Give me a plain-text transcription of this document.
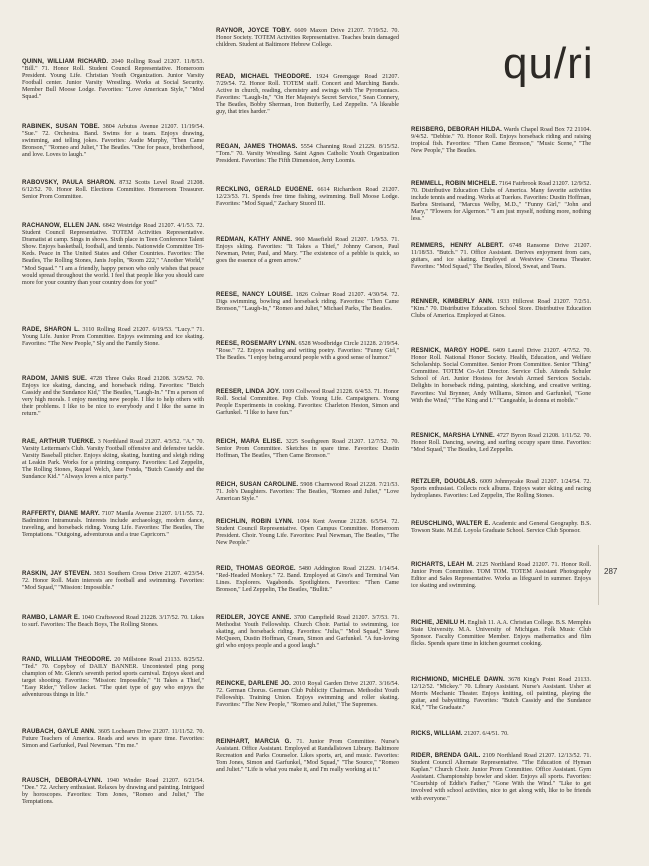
qu/ri
287

QUINN, WILLIAM RICHARD. 2040 Rolling Road 21207. 11/8/53. "Bill." 71. Honor Roll. Student Council Representative. Homeroom President. Young Life. Christian Youth Organization. Junior Varsity Football center. Junior Varsity Wrestling. Works at Social Security. Member Bull Moose Lodge. Favorites: "Love American Style," "Mod Squad."

RABINEK, SUSAN TOBE. 3804 Arbutus Avenue 21207. 11/19/54. "Sue." 72. Orchestra. Band. Swims for a team. Enjoys drawing, swimming, and telling jokes. Favorites: Audie Murphy, "Then Came Bronson," "Romeo and Juliet," The Beatles. "One for peace, brotherhood, and love. Loves to laugh."

RABOVSKY, PAULA SHARON. 8732 Scotts Level Road 21208. 6/12/52. 70. Honor Roll. Elections Committee. Homeroom Treasurer. Senior Prom Committee.

RACHANOW, ELLEN JAN. 6842 Westridge Road 21207. 4/1/53. 72. Student Council Representative. TOTEM Activities Representative. Dramatist at camp. Sings in shows. Sixth place in Teen Conference Talent Show. Enjoys basketball, football, and tennis. Nationwide Committee Tri-Keds. Peace in The United States and Other Countries. Favorites: The Beatles, The Rolling Stones, Janis Joplin, "Room 222," "Another World," "Mod Squad." "I am a friendly, happy person who only wishes that peace would spread throughout the world. I feel that people like you should care more for your country than your country does for you!"

RADE, SHARON L. 3110 Rolling Road 21207. 6/19/53. "Lucy." 71. Young Life. Junior Prom Committee. Enjoys swimming and ice skating. Favorites: "The New People," Sly and the Family Stone.

RADOM, JANIS SUE. 4728 Three Oaks Road 21208. 3/29/52. 70. Enjoys ice skating, dancing, and horseback riding. Favorites: "Butch Cassidy and the Sundance Kid," The Beatles, "Laugh-In." "I'm a person of very high morals. I enjoy meeting new people. I like to help others with their problems. I like to be nice to everybody and I like the same in return."

RAE, ARTHUR TUERKE. 3 Northland Road 21207. 4/3/52. "A." 70. Varsity Letterman's Club. Varsity Football offensive and defensive tackle. Varsity Baseball pitcher. Enjoys skiing, skating, hunting and sleigh riding at Leakin Park. Works for a printing company. Favorites: Led Zeppelin, The Rolling Stones, Raquel Welch, Jane Fonda, "Butch Cassidy and the Sundance Kid." "Always loves a nice party."

RAFFERTY, DIANE MARY. 7107 Manila Avenue 21207. 1/11/55. 72. Badminton Intramurals. Interests include archaeology, modern dance, traveling, and horseback riding. Young Life. Favorites: The Beatles, The Temptations. "Outgoing, adventurous and a true Capricorn."

RASKIN, JAY STEVEN. 3831 Southern Cross Drive 21207. 4/23/54. 72. Honor Roll. Main interests are football and swimming. Favorites: "Mod Squad," "Mission: Impossible."

RAMBO, LAMAR E. 1040 Craftswood Road 21228. 3/17/52. 70. Likes to surf. Favorites: The Beach Boys, The Rolling Stones.

RAND, WILLIAM THEODORE. 20 Millstone Road 21133. 8/25/52. "Ted." 70. Copyboy of DAILY BANNER. Uncontested ping pong champion of Mr. Glenn's seventh period sports carnival. Enjoys skeet and target shooting. Favorites: "Mission: Impossible," "It Takes a Thief," "Easy Rider," Yellow Jacket. "The quiet type of guy who enjoys the adventurous things in life."

RAUBACH, GAYLE ANN. 3605 Lochearn Drive 21207. 11/11/52. 70. Future Teachers of America. Reads and sews in spare time. Favorites: Simon and Garfunkel, Paul Newman. "I'm me."

RAUSCH, DEBORA-LYNN. 1940 Winder Road 21207. 6/21/54. "Dee." 72. Archery enthusiast. Relaxes by drawing and painting. Intrigued by horoscopes. Favorites: Tom Jones, "Romeo and Juliet," The Temptations.

RAYNOR, JOYCE TOBY. 6609 Maxon Drive 21207. 7/19/52. 70. Honor Society. TOTEM Activities Representative. Teaches brain damaged children. Student at Baltimore Hebrew College.

READ, MICHAEL THEODORE. 1924 Greengage Road 21207. 7/29/54. 72. Honor Roll. TOTEM staff. Concert and Marching Bands. Active in church, reading, chemistry and swings with The Pyromaniacs. Favorites: "Laugh-In," "On Her Majesty's Secret Service," Sean Connery, The Beatles, Bobby Sherman, Iron Butterfly, Led Zeppelin. "A likeable guy, that tries harder."

REGAN, JAMES THOMAS. 5554 Channing Road 21229. 8/15/52. "Tom." 70. Varsity Wrestling. Saint Agnes Catholic Youth Organization President. Favorites: The Fifth Dimension, Jerry Loomis.

RECKLING, GERALD EUGENE. 6614 Richardson Road 21207. 12/23/53. 71. Spends free time fishing, swimming. Bull Moose Lodge. Favorites: "Mod Squad," Zachary Stuord III.

REDMAN, KATHY ANNE. 960 Masefield Road 21207. 1/9/53. 71. Enjoys skiing. Favorites: "It Takes a Thief," Johnny Carson, Paul Newman, Peter, Paul, and Mary. "The existence of a pebble is quick, so goes the essence of a green arrow."

REESE, NANCY LOUISE. 1826 Colmar Road 21207. 4/30/54. 72. Digs swimming, bowling and horseback riding. Favorites: "Then Came Bronson," "Laugh-In," "Romeo and Juliet," Michael Parks, The Beatles.

REESE, ROSEMARY LYNN. 6528 Woodbridge Circle 21228. 2/19/54. "Rose." 72. Enjoys reading and writing poetry. Favorites: "Funny Girl," The Beatles. "I enjoy being around people with a good sense of humor."

REESER, LINDA JOY. 1009 Collwood Road 21228. 6/4/53. 71. Honor Roll. Social Committee. Pep Club. Young Life. Campaigners. Young People Experiments in cooking. Favorites: Charleton Heston, Simon and Garfunkel. "I like to have fun."

REICH, MARA ELISE. 3225 Southgreen Road 21207. 12/7/52. 70. Senior Prom Committee. Sketches in spare time. Favorites: Dustin Hoffman, The Beatles, "Then Came Bronson."

REICH, SUSAN CAROLINE. 5908 Charnwood Road 21228. 7/21/53. 71. Job's Daughters. Favorites: The Beatles, "Romeo and Juliet," "Love American Style."

REICHLIN, ROBIN LYNN. 1004 Kent Avenue 21228. 6/5/54. 72. Student Council Representative. Open Campus Committee. Homeroom President. Choir. Young Life. Favorites: Paul Newman, The Beatles, "The New People."

REID, THOMAS GEORGE. 5480 Addington Road 21229. 1/14/54. "Red-Headed Monkey." 72. Band. Employed at Gino's and Terminal Van Lines. Explorers. Vagabonds. Spotlighters. Favorites: "Then Came Bronson," Led Zeppelin, The Beatles, "Bullitt."

REIDLER, JOYCE ANNE. 3700 Campfield Road 21207. 3/7/53. 71. Methodist Youth Fellowship. Church Choir. Partial to swimming, ice skating, and horseback riding. Favorites: "Julia," "Mod Squad," Steve McQueen, Dustin Hoffman, Cream, Simon and Garfunkel. "A fun-loving girl who enjoys people and a good laugh."

REINCKE, DARLENE JO. 2010 Royal Garden Drive 21207. 3/16/54. 72. German Chorus. German Club Publicity Chairman. Methodist Youth Fellowship. Training Union. Enjoys swimming and roller skating. Favorites: "The New People," "Romeo and Juliet," The Supremes.

REINHART, MARCIA G. 71. Junior Prom Committee. Nurse's Assistant. Office Assistant. Employed at Randallstown Library. Baltimore Recreation and Parks Counselor. Likes sports, art, and music. Favorites: Tom Jones, Simon and Garfunkel, "Mod Squad," "The Source," "Romeo and Juliet." "Life is what you make it, and I'm really working at it."

REISBERG, DEBORAH HILDA. Wards Chapel Road Box 72 21104. 9/4/52. "Debbie." 70. Honor Roll. Enjoys horseback riding and raising tropical fish. Favorites: "Then Came Bronson," "Music Scene," "The New People," The Beatles.

REMMELL, ROBIN MICHELE. 7164 Fairbrook Road 21207. 12/9/52. 70. Distributive Education Clubs of America. Many favorite activities include tennis and reading. Works at Tuerkes. Favorites: Dustin Hoffman, Barbra Streisand, "Marcus Welby, M.D.," "Funny Girl," "John and Mary," "Flowers for Algernon." "I am just myself, nothing more, nothing less."

REMMERS, HENRY ALBERT. 6748 Ransome Drive 21207. 11/18/53. "Butch." 71. Office Assistant. Derives enjoyment from cars, guitars, and ice skating. Employed at Westview Cinema Theater. Favorites: "Mod Squad," The Beatles, Blood, Sweat, and Tears.

RENNER, KIMBERLY ANN. 1933 Hillcrest Road 21207. 7/2/51. "Kim." 70. Distributive Education. School Store. Distributive Education Clubs of America. Employed at Ginos.

RESNICK, MARGY HOPE. 6409 Laurel Drive 21207. 4/7/52. 70. Honor Roll. National Honor Society. Health, Education, and Welfare Scholarship. Social Committee. Senior Prom Committee. Senior "Thing" Committee. TOTEM Co-Art Director. Service Club. Attends Schuler School of Art. Junior Hostess for Jewish Armed Services Socials. Delights in horseback riding, painting, sketching, and creative writing. Favorites: Yul Brynner, Andy Williams, Simon and Garfunkel, "Gone With the Wind," "The King and I." "Cangeable, la donna et mobile."

RESNICK, MARSHA LYNNE. 4727 Byron Road 21208. 1/11/52. 70. Honor Roll. Dancing, sewing, and surfing occupy spare time. Favorites: "Mod Squad," The Beatles, Led Zeppelin.

RETZLER, DOUGLAS. 6009 Johnnycake Road 21207. 1/24/54. 72. Sports enthusiast. Collects rock albums. Enjoys water skiing and racing hydroplanes. Favorites: Led Zeppelin, The Rolling Stones.

REUSCHLING, WALTER E. Academic and General Geography. B.S. Towson State. M.Ed. Loyola Graduate School. Service Club Sponsor.

RICHARTS, LEAH M. 2125 Northland Road 21207. 71. Honor Roll. Junior Prom Committee. TOM TOM. TOTEM Assistant Photography Editor and Sales Representative. Works as lifeguard in summer. Enjoys ice skating and swimming.

RICHIE, JENILU H. English 11. A.A. Christian College. B.S. Memphis State University. M.A. University of Michigan. Folk Music Club Sponsor. Faculty Committee Member. Enjoys mathematics and film flicks. Spends spare time in kitchen gourmet cooking.

RICHMIOND, MICHELE DAWN. 3678 King's Point Road 21133. 12/12/52. "Mickey." 70. Library Assistant. Nurse's Assistant. Usher at Morris Mechanic Theater. Enjoys knitting, oil painting, playing the guitar, and babysitting. Favorites: "Butch Cassidy and the Sundance Kid," "The Graduate."

RICKS, WILLIAM. 21207. 6/4/51. 70.

RIDER, BRENDA GAIL. 2109 Northland Road 21207. 12/13/52. 71. Student Council Alternate Representative. "The Education of Hyman Kaplan." Church Choir. Junior Prom Committee. Office Assistant. Gym Assistant. Championship bowler and skier. Enjoys all sports. Favorites: "Courtship of Eddie's Father," "Gone With the Wind." "Like to get involved with school activities, nice to get along with, like to be friends with everyone."
